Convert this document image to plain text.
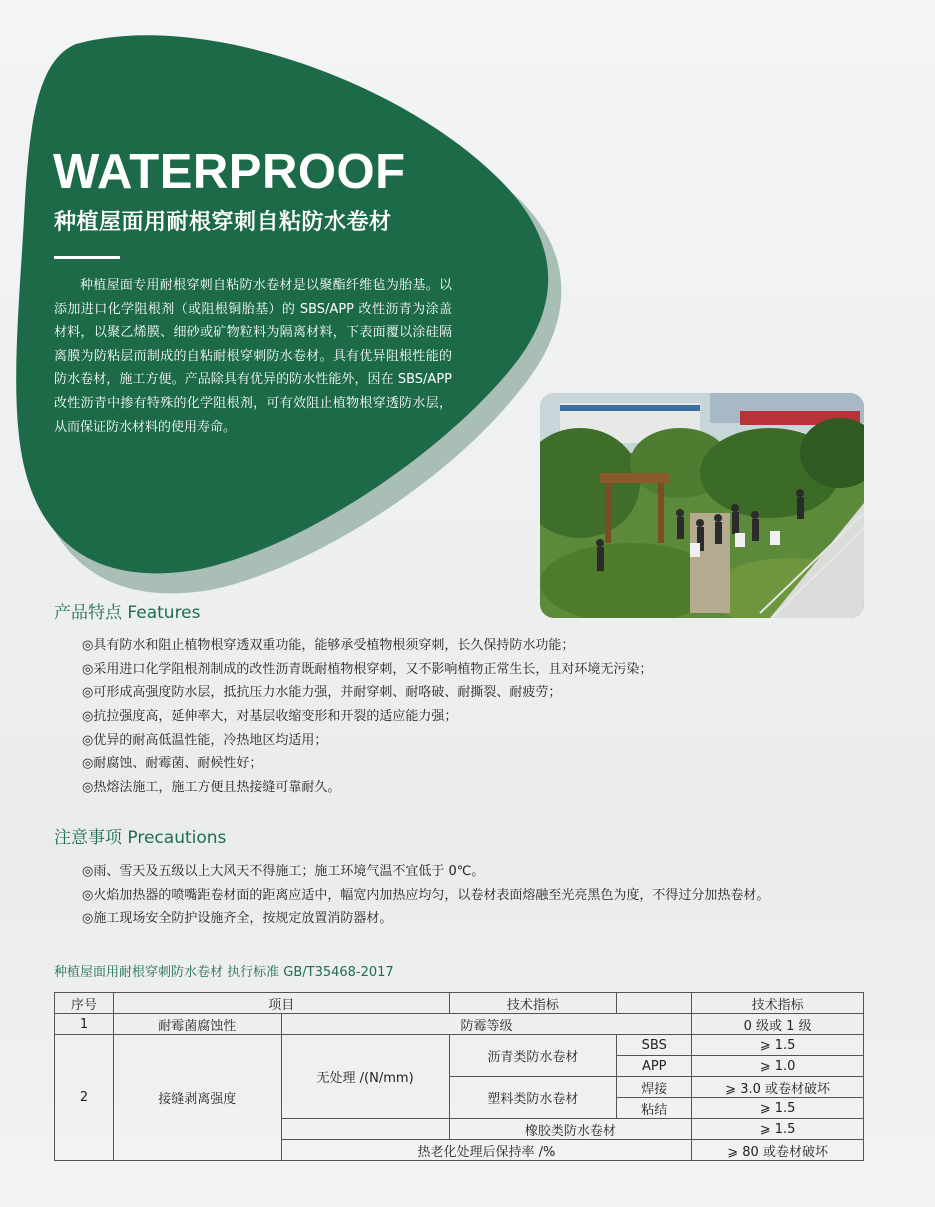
WATERPROOF
种植屋面用耐根穿刺自粘防水卷材

种植屋面专用耐根穿刺自粘防水卷材是以聚酯纤维毡为胎基。以添加进口化学阻根剂（或阻根铜胎基）的 SBS/APP 改性沥青为涂盖材料，以聚乙烯膜、细砂或矿物粒料为隔离材料，下表面覆以涂硅隔离膜为防粘层而制成的自粘耐根穿刺防水卷材。具有优异阻根性能的防水卷材，施工方便。产品除具有优异的防水性能外，因在 SBS/APP 改性沥青中掺有特殊的化学阻根剂，可有效阻止植物根穿透防水层，从而保证防水材料的使用寿命。

产品特点 Features
◎具有防水和阻止植物根穿透双重功能，能够承受植物根须穿刺，长久保持防水功能；
◎采用进口化学阻根剂制成的改性沥青既耐植物根穿刺，又不影响植物正常生长，且对环境无污染；
◎可形成高强度防水层，抵抗压力水能力强，并耐穿刺、耐咯破、耐撕裂、耐疲劳；
◎抗拉强度高，延伸率大，对基层收缩变形和开裂的适应能力强；
◎优异的耐高低温性能，冷热地区均适用；
◎耐腐蚀、耐霉菌、耐候性好；
◎热熔法施工，施工方便且热接缝可靠耐久。
注意事项 Precautions
◎雨、雪天及五级以上大风天不得施工；施工环境气温不宜低于 0℃。
◎火焰加热器的喷嘴距卷材面的距离应适中，幅宽内加热应均匀，以卷材表面熔融至光亮黑色为度，不得过分加热卷材。
◎施工现场安全防护设施齐全，按规定放置消防器材。

种植屋面用耐根穿刺防水卷材 执行标准 GB/T35468-2017

序号	项目		技术指标		技术指标
1	耐霉菌腐蚀性	防霉等级			0 级或 1 级
2	接缝剥离强度	无处理 /(N/mm)	沥青类防水卷材	SBS	⩾ 1.5
				APP	⩾ 1.0
			塑料类防水卷材	焊接	⩾ 3.0 或卷材破坏
				粘结	⩾ 1.5
			橡胶类防水卷材		⩾ 1.5
		热老化处理后保持率 /%			⩾ 80 或卷材破坏
